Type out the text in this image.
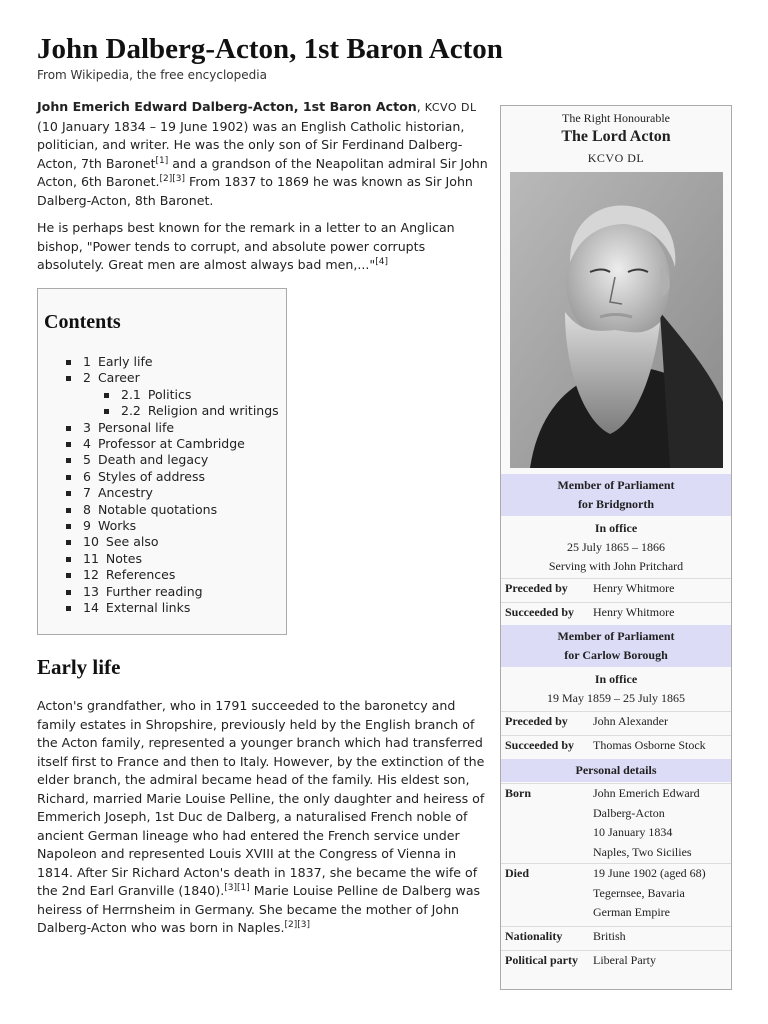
John Dalberg-Acton, 1st Baron Acton
From Wikipedia, the free encyclopedia

John Emerich Edward Dalberg-Acton, 1st Baron Acton, KCVO DL (10 January 1834 – 19 June 1902) was an English Catholic historian, politician, and writer. He was the only son of Sir Ferdinand Dalberg-Acton, 7th Baronet[1] and a grandson of the Neapolitan admiral Sir John Acton, 6th Baronet.[2][3] From 1837 to 1869 he was known as Sir John Dalberg-Acton, 8th Baronet.

He is perhaps best known for the remark in a letter to an Anglican bishop, "Power tends to corrupt, and absolute power corrupts absolutely. Great men are almost always bad men,..."[4]

Contents
1 Early life
2 Career
2.1 Politics
2.2 Religion and writings
3 Personal life
4 Professor at Cambridge
5 Death and legacy
6 Styles of address
7 Ancestry
8 Notable quotations
9 Works
10 See also
11 Notes
12 References
13 Further reading
14 External links
Early life

Acton's grandfather, who in 1791 succeeded to the baronetcy and family estates in Shropshire, previously held by the English branch of the Acton family, represented a younger branch which had transferred itself first to France and then to Italy. However, by the extinction of the elder branch, the admiral became head of the family. His eldest son, Richard, married Marie Louise Pelline, the only daughter and heiress of Emmerich Joseph, 1st Duc de Dalberg, a naturalised French noble of ancient German lineage who had entered the French service under Napoleon and represented Louis XVIII at the Congress of Vienna in 1814. After Sir Richard Acton's death in 1837, she became the wife of the 2nd Earl Granville (1840).[3][1] Marie Louise Pelline de Dalberg was heiress of Herrnsheim in Germany. She became the mother of John Dalberg-Acton who was born in Naples.[2][3]

The Right Honourable
The Lord Acton
KCVO DL
Member of Parliament
for Bridgnorth
In office
25 July 1865 – 1866
Serving with John Pritchard
Preceded by	Henry Whitmore
Succeeded by	Henry Whitmore
Member of Parliament
for Carlow Borough
In office
19 May 1859 – 25 July 1865
Preceded by	John Alexander
Succeeded by	Thomas Osborne Stock
Personal details
Born	John Emerich Edward
Dalberg-Acton
10 January 1834
Naples, Two Sicilies
Died	19 June 1902 (aged 68)
Tegernsee, Bavaria
German Empire
Nationality	British
Political party	Liberal Party
